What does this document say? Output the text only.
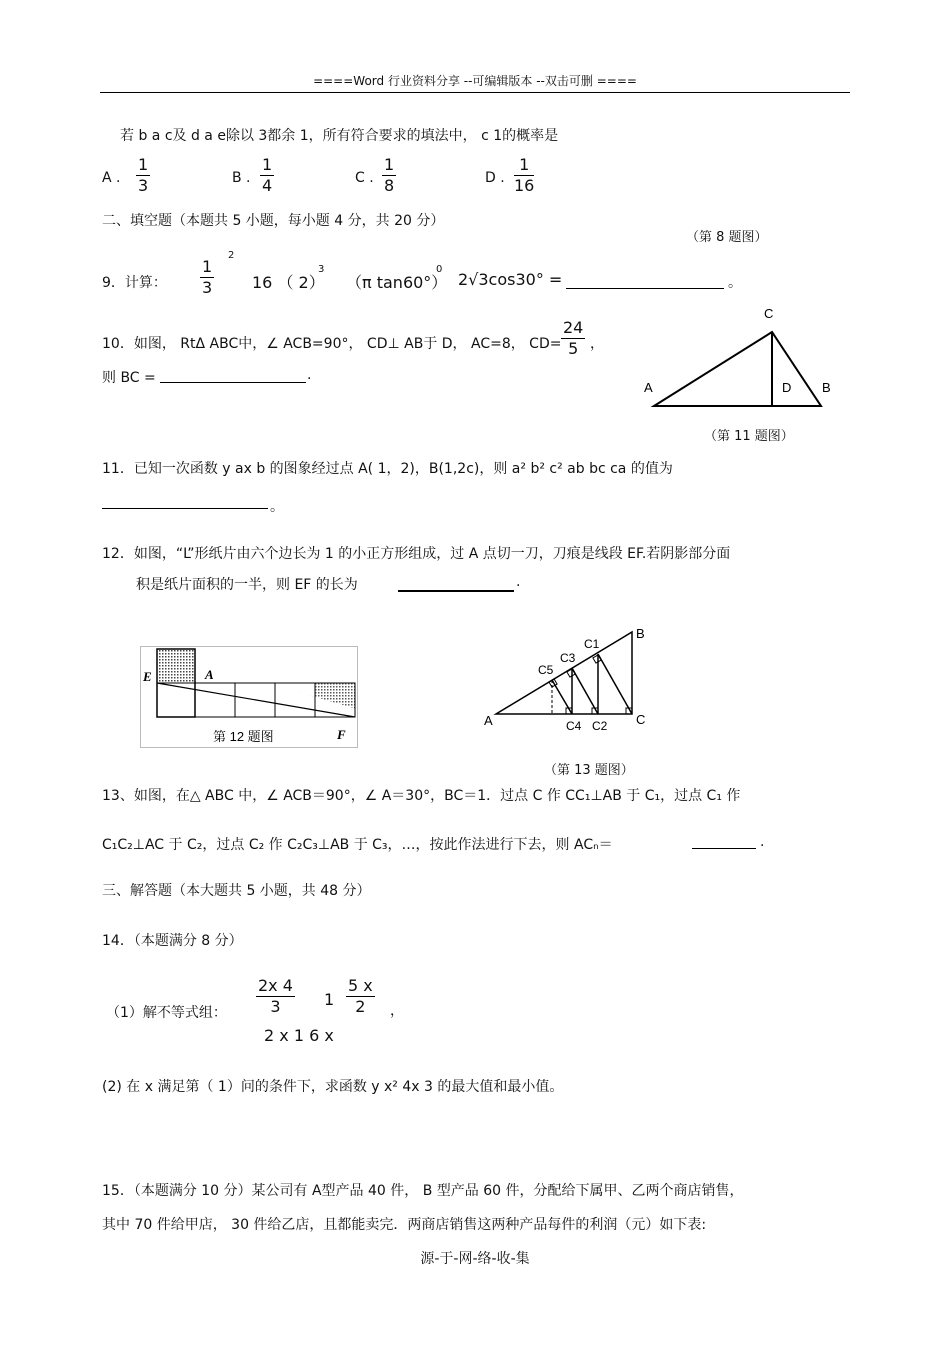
====Word 行业资料分享 --可编辑版本 --双击可删 ====
若 b a c及 d a e除以 3都余 1，所有符合要求的填法中， c 1的概率是
A . $\frac{1}{3}$	B . $\frac{1}{4}$	C . $\frac{1}{8}$	D . $\frac{1}{16}$
二、填空题（本题共 5 小题，每小题 4 分，共 20 分）
（第 8 题图）
9．计算： $\frac{1}{3}$
2
16 （ 2）
3
（π tan60°）
0
2√3cos30° =	。
10．如图， RtΔ ABC中，∠ ACB=90°， CD⊥ AB于 D， AC=8， $CD= \frac{24}{5}$ ，
则 BC =	.
C
A	D B
（第 11 题图）
11．已知一次函数 y ax b 的图象经过点 A( 1，2)，B(1,2c)，则 a² b² c² ab bc ca 的值为
。
12．如图，“L”形纸片由六个边长为 1 的小正方形组成，过 A 点切一刀，刀痕是线段 EF.若阴影部分面
积是纸片面积的一半，则 EF 的长为	.
E	A
F
第 12 题图
A
B
C
C1
C2
C3
C4
C5
（第 13 题图）
13、如图，在△ ABC 中，∠ ACB＝90°，∠ A＝30°，BC＝1．过点 C 作 CC₁⊥AB 于 C₁，过点 C₁ 作
C₁C₂⊥AC 于 C₂，过点 C₂ 作 C₂C₃⊥AB 于 C₃，…，按此作法进行下去，则 ACₙ＝	.
三、解答题（本大题共 5 小题，共 48 分）
14．（本题满分 8 分）
（1）解不等式组： $\frac{2x 4}{3} 1 \frac{5 x}{2}$ ，
2 x 1 6 x
(2) 在 x 满足第（ 1）问的条件下，求函数 y x² 4x 3 的最大值和最小值。
15．（本题满分 10 分）某公司有 A型产品 40 件， B 型产品 60 件，分配给下属甲、乙两个商店销售，
其中 70 件给甲店， 30 件给乙店，且都能卖完．两商店销售这两种产品每件的利润（元）如下表:
源-于-网-络-收-集
